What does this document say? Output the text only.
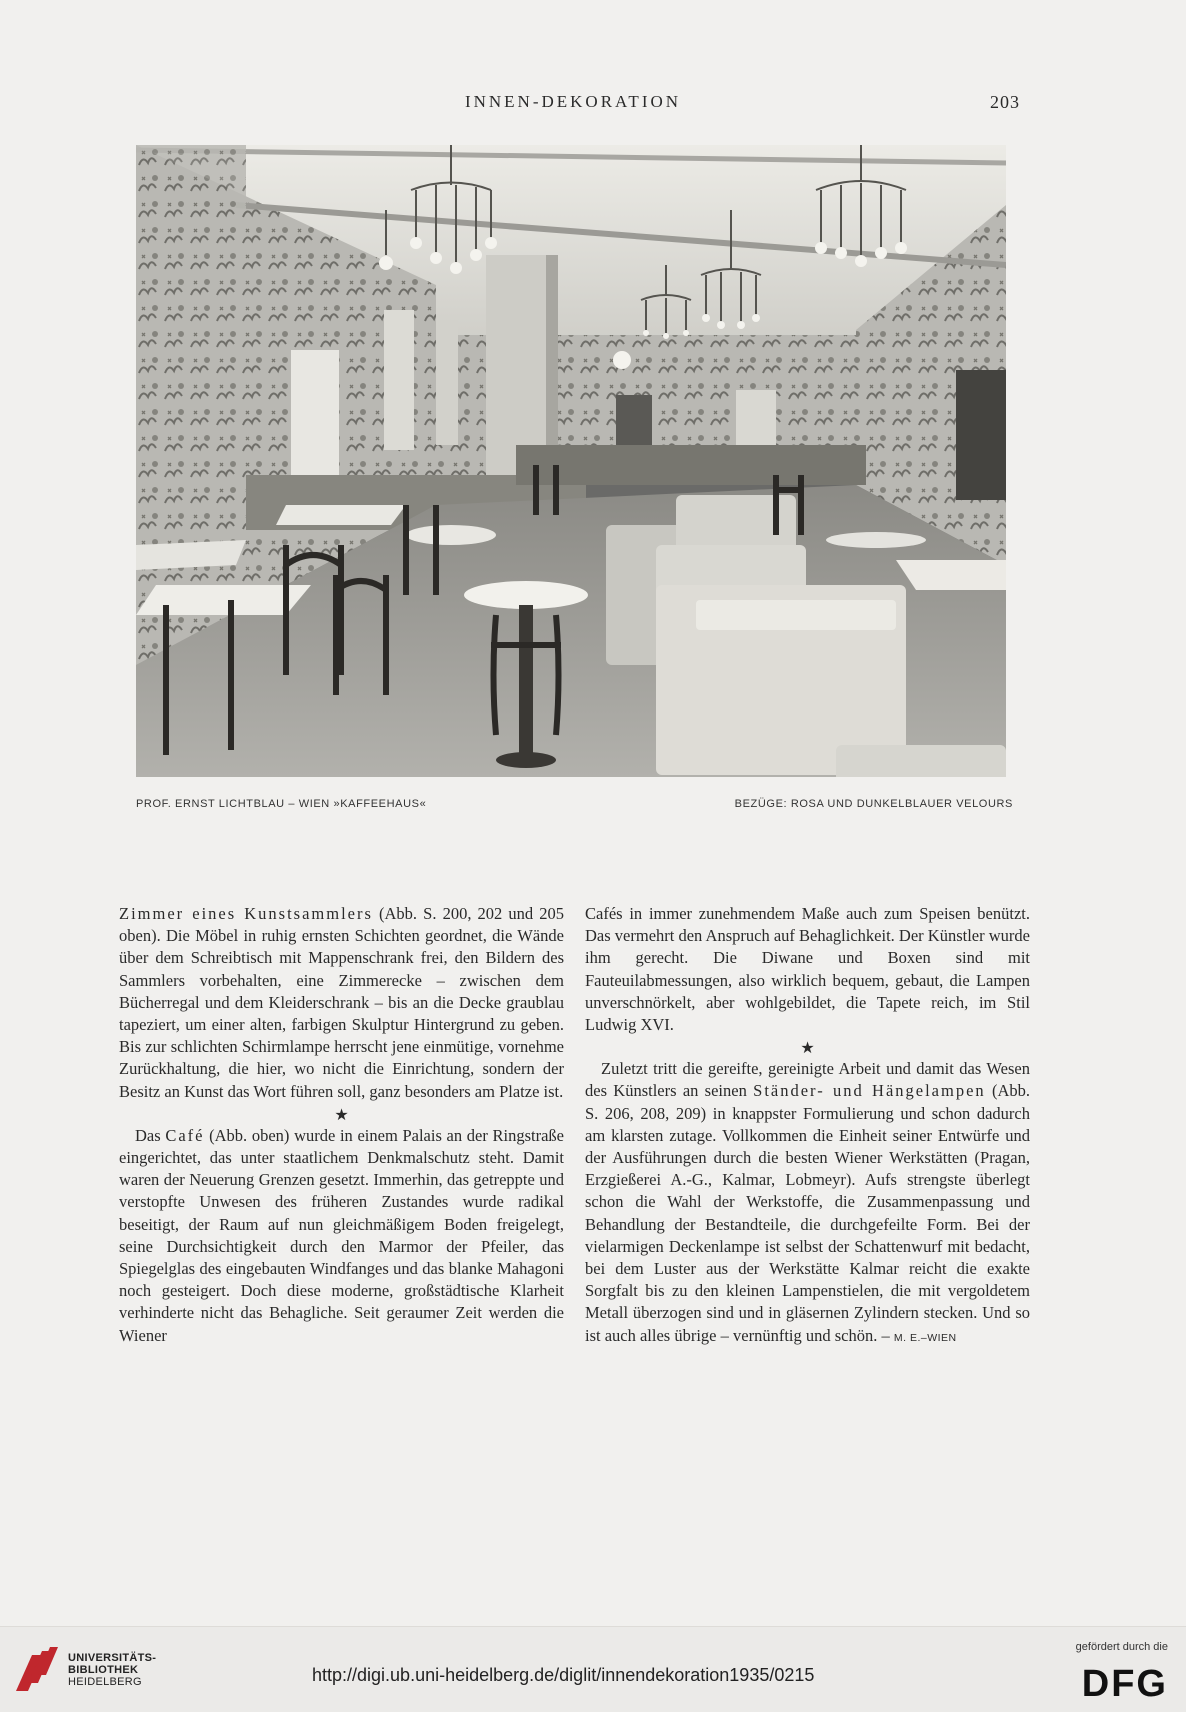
INNEN-DEKORATION	203
PROF. ERNST LICHTBLAU – WIEN »KAFFEEHAUS«	BEZÜGE: ROSA UND DUNKELBLAUER VELOURS

Zimmer eines Kunstsammlers (Abb. S. 200, 202 und 205 oben). Die Möbel in ruhig ernsten Schichten geordnet, die Wände über dem Schreibtisch mit Mappenschrank frei, den Bildern des Sammlers vorbehalten, eine Zimmerecke – zwischen dem Bücherregal und dem Kleiderschrank – bis an die Decke graublau tapeziert, um einer alten, farbigen Skulptur Hintergrund zu geben. Bis zur schlichten Schirmlampe herrscht jene einmütige, vornehme Zurückhaltung, die hier, wo nicht die Einrichtung, sondern der Besitz an Kunst das Wort führen soll, ganz besonders am Platze ist.

★

Das Café (Abb. oben) wurde in einem Palais an der Ringstraße eingerichtet, das unter staatlichem Denkmalschutz steht. Damit waren der Neuerung Grenzen gesetzt. Immerhin, das getreppte und verstopfte Unwesen des früheren Zustandes wurde radikal beseitigt, der Raum auf nun gleichmäßigem Boden freigelegt, seine Durchsichtigkeit durch den Marmor der Pfeiler, das Spiegelglas des eingebauten Windfanges und das blanke Mahagoni noch gesteigert. Doch diese moderne, großstädtische Klarheit verhinderte nicht das Behagliche. Seit geraumer Zeit werden die Wiener

Cafés in immer zunehmendem Maße auch zum Speisen benützt. Das vermehrt den Anspruch auf Behaglichkeit. Der Künstler wurde ihm gerecht. Die Diwane und Boxen sind mit Fauteuilabmessungen, also wirklich bequem, gebaut, die Lampen unverschnörkelt, aber wohlgebildet, die Tapete reich, im Stil Ludwig XVI.

★

Zuletzt tritt die gereifte, gereinigte Arbeit und damit das Wesen des Künstlers an seinen Ständer- und Hängelampen (Abb. S. 206, 208, 209) in knappster Formulierung und schon dadurch am klarsten zutage. Vollkommen die Einheit seiner Entwürfe und der Ausführungen durch die besten Wiener Werkstätten (Pragan, Erzgießerei A.-G., Kalmar, Lobmeyr). Aufs strengste überlegt schon die Wahl der Werkstoffe, die Zusammenpassung und Behandlung der Bestandteile, die durchgefeilte Form. Bei der vielarmigen Deckenlampe ist selbst der Schattenwurf mit bedacht, bei dem Luster aus der Werkstätte Kalmar reicht die exakte Sorgfalt bis zu den kleinen Lampenstielen, die mit vergoldetem Metall überzogen sind und in gläsernen Zylindern stecken. Und so ist auch alles übrige – vernünftig und schön. – M. E.–WIEN

UNIVERSITÄTS-
BIBLIOTHEK
HEIDELBERG	http://digi.ub.uni-heidelberg.de/diglit/innendekoration1935/0215
gefördert durch die
DFG
